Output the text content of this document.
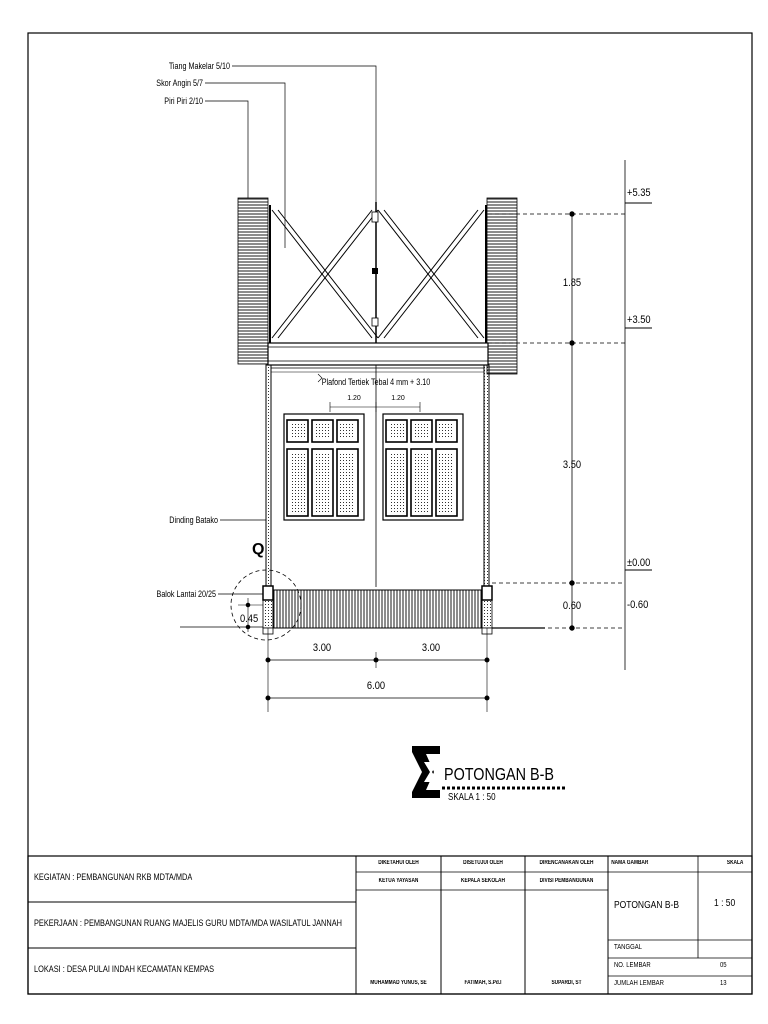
Tiang Makelar 5/10
Skor Angin 5/7
Piri Piri 2/10
Plafond Tertiek Tebal 4 mm + 3.10
1.20	1.20
Dinding Batako
Balok Lantai 20/25
Q
+5.35
+3.50
±0.00
-0.60
1.85
3.50
0.60
0.45
3.00	3.00
6.00
POTONGAN B-B
SKALA 1 : 50
KEGIATAN : PEMBANGUNAN RKB MDTA/MDA
PEKERJAAN : PEMBANGUNAN RUANG MAJELIS GURU MDTA/MDA WASILATUL JANNAH
LOKASI : DESA PULAI INDAH KECAMATAN KEMPAS
DIKETAHUI OLEH	DISETUJUI OLEH	DIRENCANAKAN OLEH	NAMA GAMBAR	SKALA
KETUA YAYASAN	KEPALA SEKOLAH	DIVISI PEMBANGUNAN
MUHAMMAD YUNUS, SE	FATIMAH, S.Pd.I	SUPARDI, ST
POTONGAN B-B	1 : 50
TANGGAL
NO. LEMBAR	05
JUMLAH LEMBAR	13
